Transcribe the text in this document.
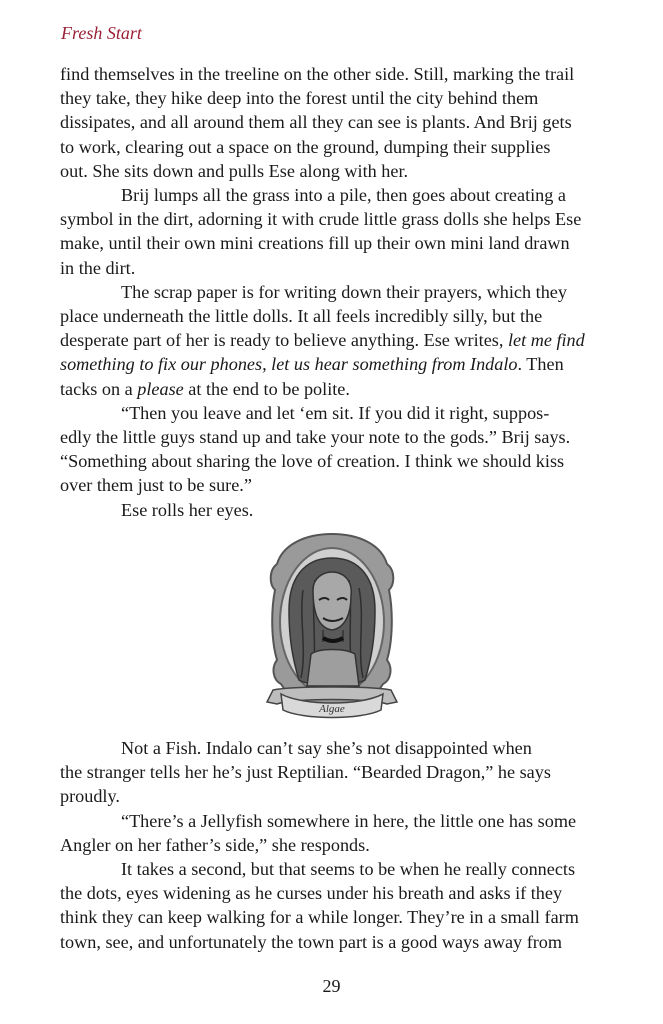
Fresh Start

find themselves in the treeline on the other side. Still, marking the trail
they take, they hike deep into the forest until the city behind them
dissipates, and all around them all they can see is plants. And Brij gets
to work, clearing out a space on the ground, dumping their supplies
out. She sits down and pulls Ese along with her.

Brij lumps all the grass into a pile, then goes about creating a
symbol in the dirt, adorning it with crude little grass dolls she helps Ese
make, until their own mini creations fill up their own mini land drawn
in the dirt.

The scrap paper is for writing down their prayers, which they
place underneath the little dolls. It all feels incredibly silly, but the
desperate part of her is ready to believe anything. Ese writes, let me find
something to fix our phones, let us hear something from Indalo. Then
tacks on a please at the end to be polite.

“Then you leave and let ‘em sit. If you did it right, suppos-
edly the little guys stand up and take your note to the gods.” Brij says.
“Something about sharing the love of creation. I think we should kiss
over them just to be sure.”

Ese rolls her eyes.

Algae

Not a Fish. Indalo can’t say she’s not disappointed when
the stranger tells her he’s just Reptilian. “Bearded Dragon,” he says
proudly.

“There’s a Jellyfish somewhere in here, the little one has some
Angler on her father’s side,” she responds.

It takes a second, but that seems to be when he really connects
the dots, eyes widening as he curses under his breath and asks if they
think they can keep walking for a while longer. They’re in a small farm
town, see, and unfortunately the town part is a good ways away from

29
